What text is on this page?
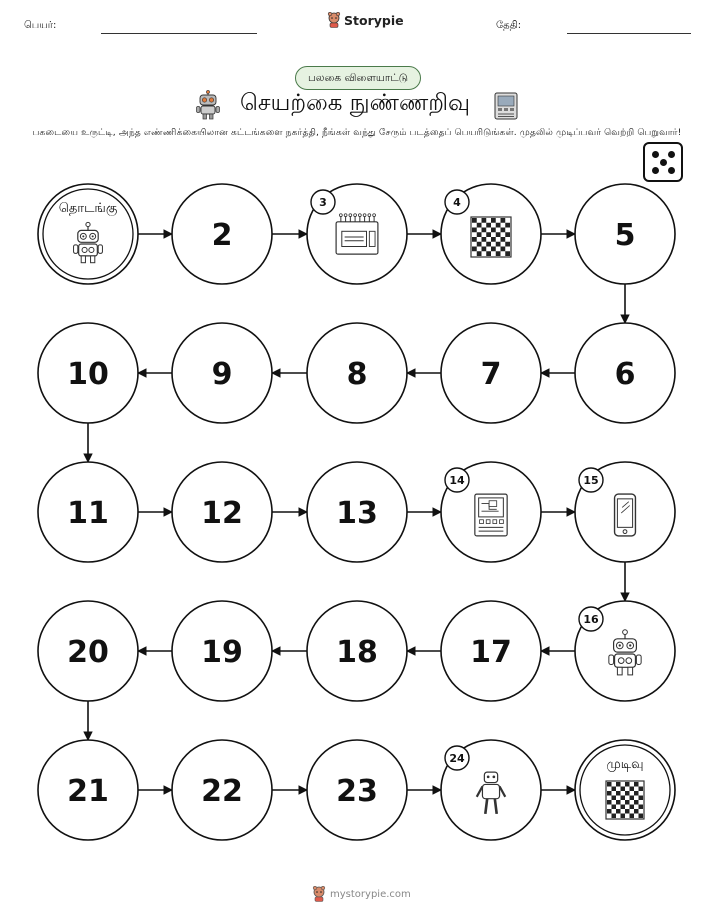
பெயர்:	Storypie	தேதி:
பலகை விளையாட்டு
செயற்கை நுண்ணறிவு
பகடையை உருட்டி, அந்த எண்ணிக்கையிலான கட்டங்களை நகர்த்தி, நீங்கள் வந்து சேரும் படத்தைப் பெயரிடுங்கள். முதலில் முடிப்பவர் வெற்றி பெறுவார்!
தொடங்கு
2
3	4
5
6
7
8
9
10
11	12	13
14	15
16
17
18
19
20
21	22	23
24	முடிவு
mystorypie.com
